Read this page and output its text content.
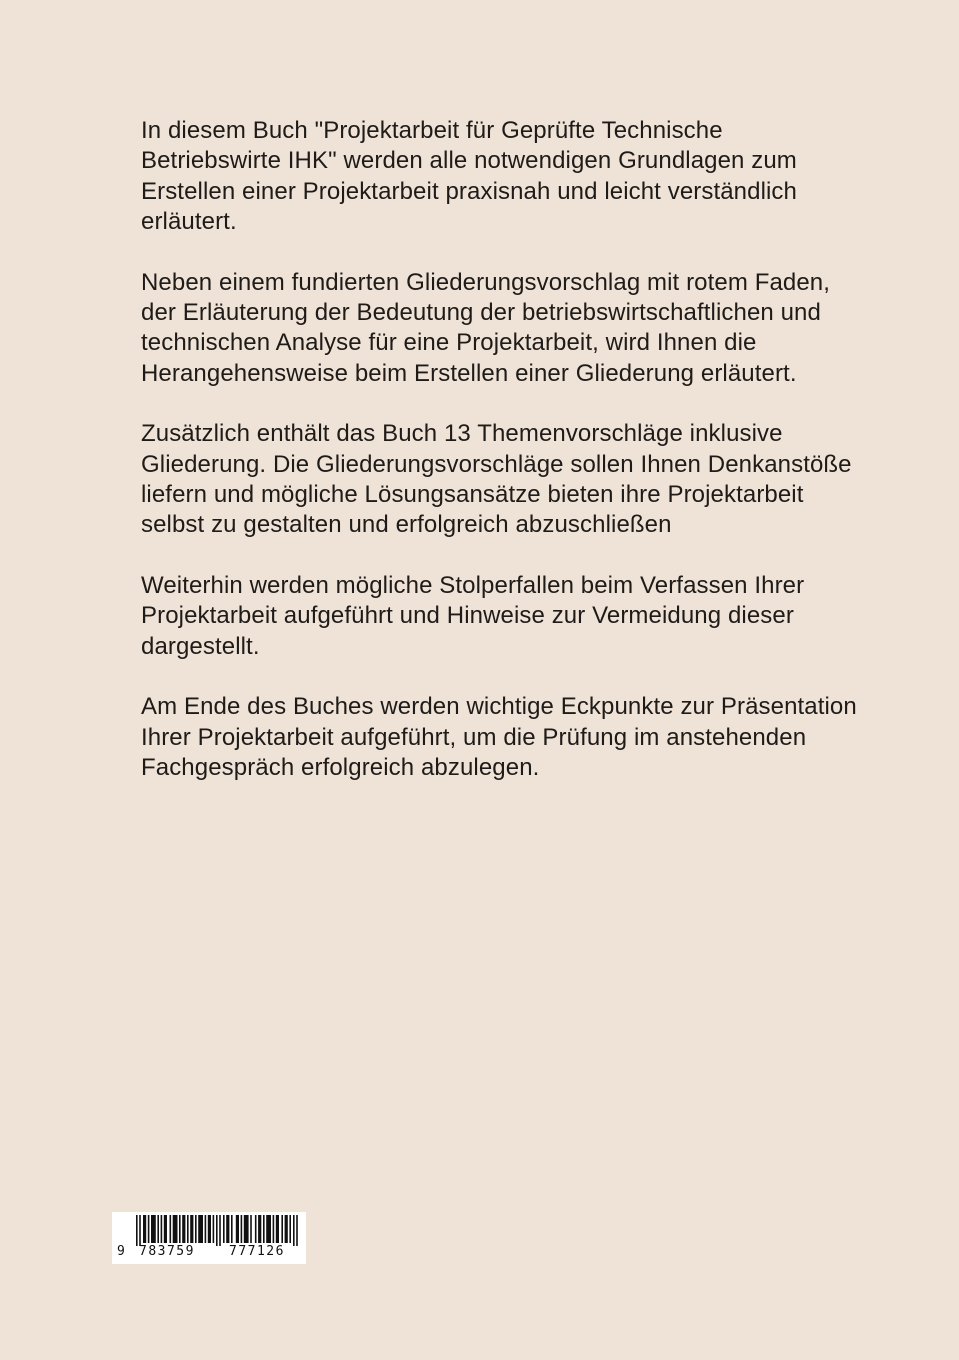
In diesem Buch "Projektarbeit für Geprüfte Technische Betriebswirte IHK" werden alle notwendigen Grundlagen zum Erstellen einer Projektarbeit praxisnah und leicht verständlich erläutert.

Neben einem fundierten Gliederungsvorschlag mit rotem Faden, der Erläuterung der Bedeutung der betriebswirtschaftlichen und technischen Analyse für eine Projektarbeit, wird Ihnen die Herangehensweise beim Erstellen einer Gliederung erläutert.

Zusätzlich enthält das Buch 13 Themenvorschläge inklusive Gliederung. Die Gliederungsvorschläge sollen Ihnen Denkanstöße liefern und mögliche Lösungsansätze bieten ihre Projektarbeit selbst zu gestalten und erfolgreich abzuschließen

Weiterhin werden mögliche Stolperfallen beim Verfassen Ihrer Projektarbeit aufgeführt und Hinweise zur Vermeidung dieser dargestellt.

Am Ende des Buches werden wichtige Eckpunkte zur Präsentation Ihrer Projektarbeit aufgeführt, um die Prüfung im anstehenden Fachgespräch erfolgreich abzulegen.

9 783759	777126
